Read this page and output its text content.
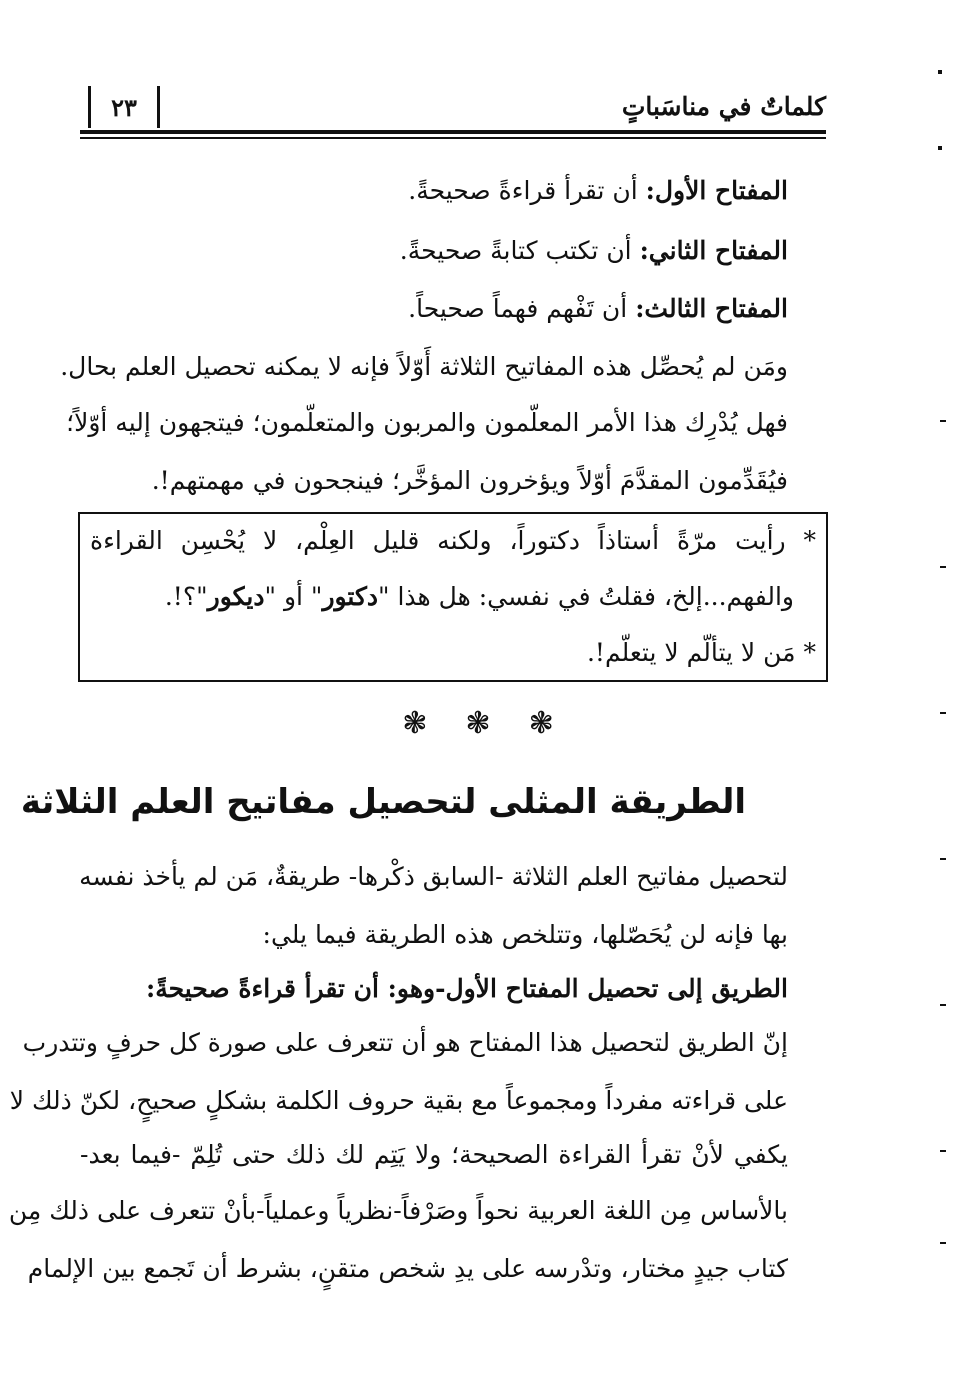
٢٣	كلماتٌ في مناسَباتٍ
المفتاح الأول: أن تقرأ قراءةً صحيحةً.
المفتاح الثاني: أن تكتب كتابةً صحيحةً.
المفتاح الثالث: أن تَفْهم فهماً صحيحاً.
ومَن لم يُحصِّل هذه المفاتيح الثلاثة أَوّلاً فإنه لا يمكنه تحصيل العلم بحال.
فهل يُدْرِك هذا الأمر المعلّمون والمربون والمتعلّمون؛ فيتجهون إليه أوّلاً؛
فيُقَدِّمون المقدَّمَ أوّلاً ويؤخرون المؤخَّر؛ فينجحون في مهمتهم!.
* رأيت مرّةً أستاذاً دكتوراً، ولكنه قليل العِلْم، لا يُحْسِن القراءة
والفهم...إلخ، فقلتُ في نفسي: هل هذا "دكتور" أو "ديكور"؟!.
* مَن لا يتألّم لا يتعلّم!.
❃ ❃ ❃
الطريقة المثلى لتحصيل مفاتيح العلم الثلاثة
لتحصيل مفاتيح العلم الثلاثة -السابق ذكْرها- طريقةٌ، مَن لم يأخذ نفسه
بها فإنه لن يُحَصّلها، وتتلخص هذه الطريقة فيما يلي:
الطريق إلى تحصيل المفتاح الأول-وهو: أن تقرأ قراءةً صحيحةً:
إنّ الطريق لتحصيل هذا المفتاح هو أن تتعرف على صورة كل حرفٍ وتتدرب
على قراءته مفرداً ومجموعاً مع بقية حروف الكلمة بشكلٍ صحيحٍ، لكنّ ذلك لا
يكفي لأنْ تقرأ القراءة الصحيحة؛ ولا يَتِم لك ذلك حتى تُلِمّ -فيما بعد-
بالأساس مِن اللغة العربية نحواً وصَرْفاً-نظرياً وعملياً-بأنْ تتعرف على ذلك مِن
كتاب جيدٍ مختار، وتدْرسه على يدِ شخص متقنٍ، بشرط أن تَجمع بين الإلمام
